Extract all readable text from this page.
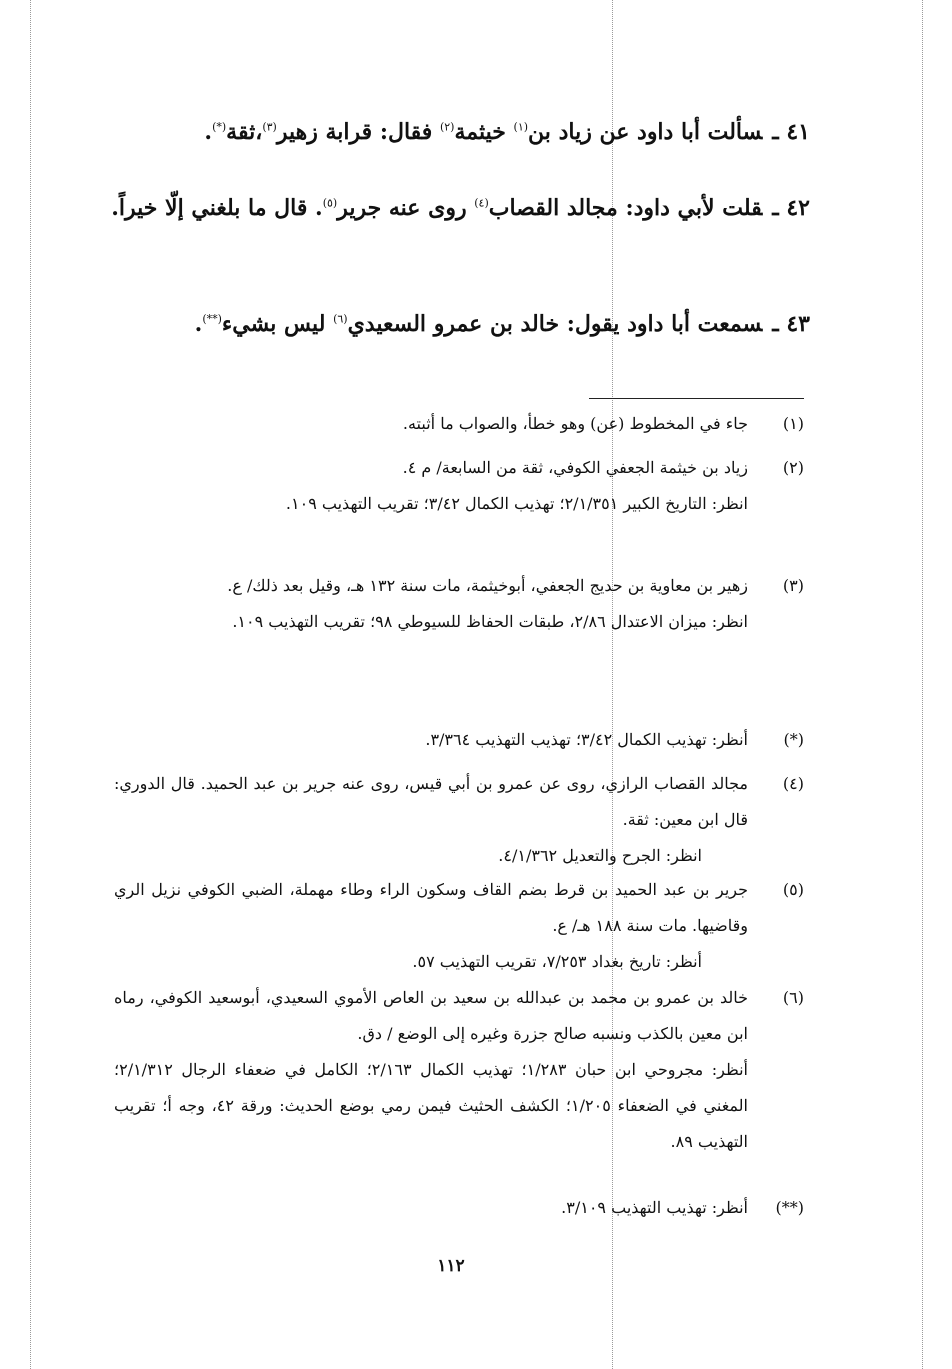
٤١ ـسألت أبا داود عن زياد بن$^{(١)}$ خيثمة$^{(٢)}$ فقال: قرابة زهير$^{(٣)}$،ثقة(*).
٤٢ ـقلت لأبي داود: مجالد القصاب$^{(٤)}$ روى عنه جرير$^{(٥)}$. قال ما بلغني إلّا خيراً.
٤٣ ـسمعت أبا داود يقول: خالد بن عمرو السعيدي$^{(٦)}$ ليس بشيء(**).
(١)
جاء في المخطوط (عن) وهو خطأ، والصواب ما أثبته.
(٢)
زياد بن خيثمة الجعفي الكوفي، ثقة من السابعة/ م ٤.
انظر: التاريخ الكبير ٢/١/٣٥١؛ تهذيب الكمال ٣/٤٢؛ تقريب التهذيب ١٠٩.
(٣)
زهير بن معاوية بن حديج الجعفي، أبوخيثمة، مات سنة ١٣٢ هـ، وقيل بعد ذلك/ ع.
انظر: ميزان الاعتدال ٢/٨٦، طبقات الحفاظ للسيوطي ٩٨؛ تقريب التهذيب ١٠٩.
(*)
أنظر: تهذيب الكمال ٣/٤٢؛ تهذيب التهذيب ٣/٣٦٤.
(٤)
مجالد القصاب الرازي، روى عن عمرو بن أبي قيس، روى عنه جرير بن عبد الحميد. قال الدوري: قال ابن معين: ثقة.
انظر: الجرح والتعديل ٤/١/٣٦٢.
(٥)
جرير بن عبد الحميد بن قرط بضم القاف وسكون الراء وطاء مهملة، الضبي الكوفي نزيل الري وقاضيها. مات سنة ١٨٨ هـ/ ع.
أنظر: تاريخ بغداد ٧/٢٥٣، تقريب التهذيب ٥٧.
(٦)
خالد بن عمرو بن محمد بن عبدالله بن سعيد بن العاص الأموي السعيدي، أبوسعيد الكوفي، رماه ابن معين بالكذب ونسبه صالح جزرة وغيره إلى الوضع / دق.
أنظر: مجروحي ابن حبان ١/٢٨٣؛ تهذيب الكمال ٢/١٦٣؛ الكامل في ضعفاء الرجال ٢/١/٣١٢؛ المغني في الضعفاء ١/٢٠٥؛ الكشف الحثيث فيمن رمي بوضع الحديث: ورقة ٤٢، وجه أ؛ تقريب التهذيب ٨٩.
(**)
أنظر: تهذيب التهذيب ٣/١٠٩.
١١٢
